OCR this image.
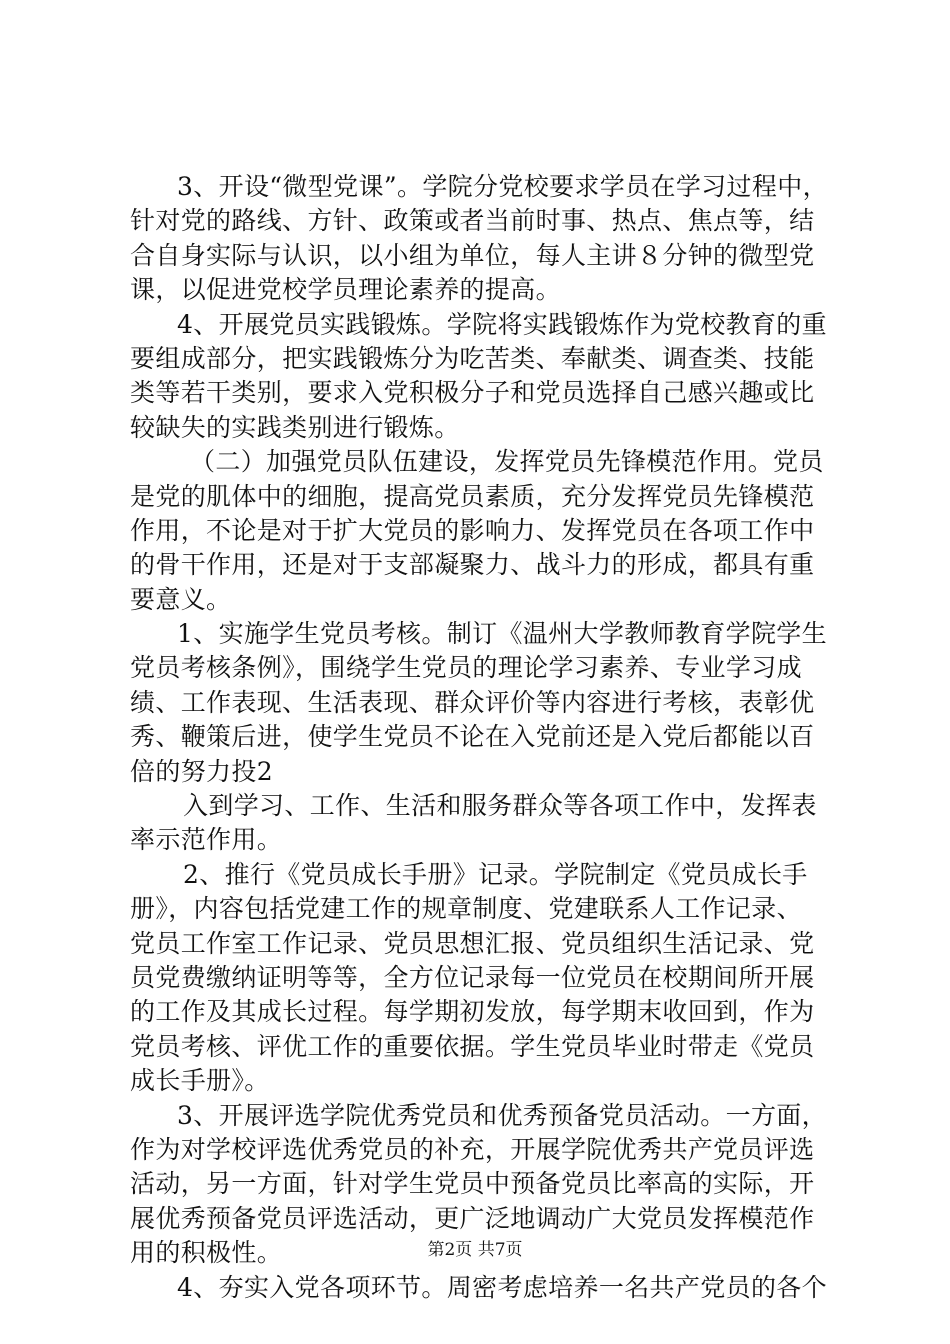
3、开设“微型党课”。学院分党校要求学员在学习过程中，
针对党的路线、方针、政策或者当前时事、热点、焦点等，结
合自身实际与认识，以小组为单位，每人主讲８分钟的微型党
课，以促进党校学员理论素养的提高。
4、开展党员实践锻炼。学院将实践锻炼作为党校教育的重
要组成部分，把实践锻炼分为吃苦类、奉献类、调查类、技能
类等若干类别，要求入党积极分子和党员选择自己感兴趣或比
较缺失的实践类别进行锻炼。
（二）加强党员队伍建设，发挥党员先锋模范作用。党员
是党的肌体中的细胞，提高党员素质，充分发挥党员先锋模范
作用，不论是对于扩大党员的影响力、发挥党员在各项工作中
的骨干作用，还是对于支部凝聚力、战斗力的形成，都具有重
要意义。
1、实施学生党员考核。制订《温州大学教师教育学院学生
党员考核条例》，围绕学生党员的理论学习素养、专业学习成
绩、工作表现、生活表现、群众评价等内容进行考核，表彰优
秀、鞭策后进，使学生党员不论在入党前还是入党后都能以百
倍的努力投2
入到学习、工作、生活和服务群众等各项工作中，发挥表
率示范作用。
2、推行《党员成长手册》记录。学院制定《党员成长手
册》，内容包括党建工作的规章制度、党建联系人工作记录、
党员工作室工作记录、党员思想汇报、党员组织生活记录、党
员党费缴纳证明等等，全方位记录每一位党员在校期间所开展
的工作及其成长过程。每学期初发放，每学期末收回到，作为
党员考核、评优工作的重要依据。学生党员毕业时带走《党员
成长手册》。
3、开展评选学院优秀党员和优秀预备党员活动。一方面，
作为对学校评选优秀党员的补充，开展学院优秀共产党员评选
活动，另一方面，针对学生党员中预备党员比率高的实际，开
展优秀预备党员评选活动，更广泛地调动广大党员发挥模范作
用的积极性。
4、夯实入党各项环节。周密考虑培养一名共产党员的各个
第2页 共7页
